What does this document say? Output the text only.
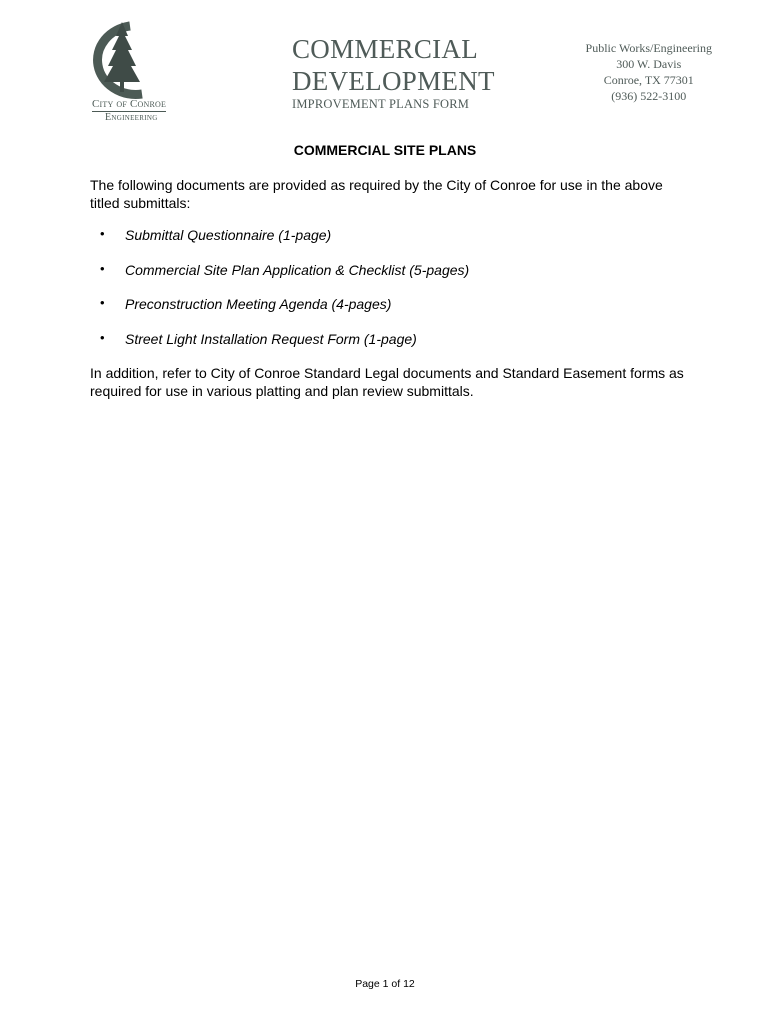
City of Conroe
Engineering
COMMERCIAL
DEVELOPMENT
IMPROVEMENT PLANS FORM
Public Works/Engineering
300 W. Davis
Conroe, TX 77301
(936) 522-3100
COMMERCIAL SITE PLANS
The following documents are provided as required by the City of Conroe for use in the above titled submittals:
• Submittal Questionnaire (1-page)
• Commercial Site Plan Application & Checklist (5-pages)
• Preconstruction Meeting Agenda (4-pages)
• Street Light Installation Request Form (1-page)
In addition, refer to City of Conroe Standard Legal documents and Standard Easement forms as required for use in various platting and plan review submittals.
Page 1 of 12
